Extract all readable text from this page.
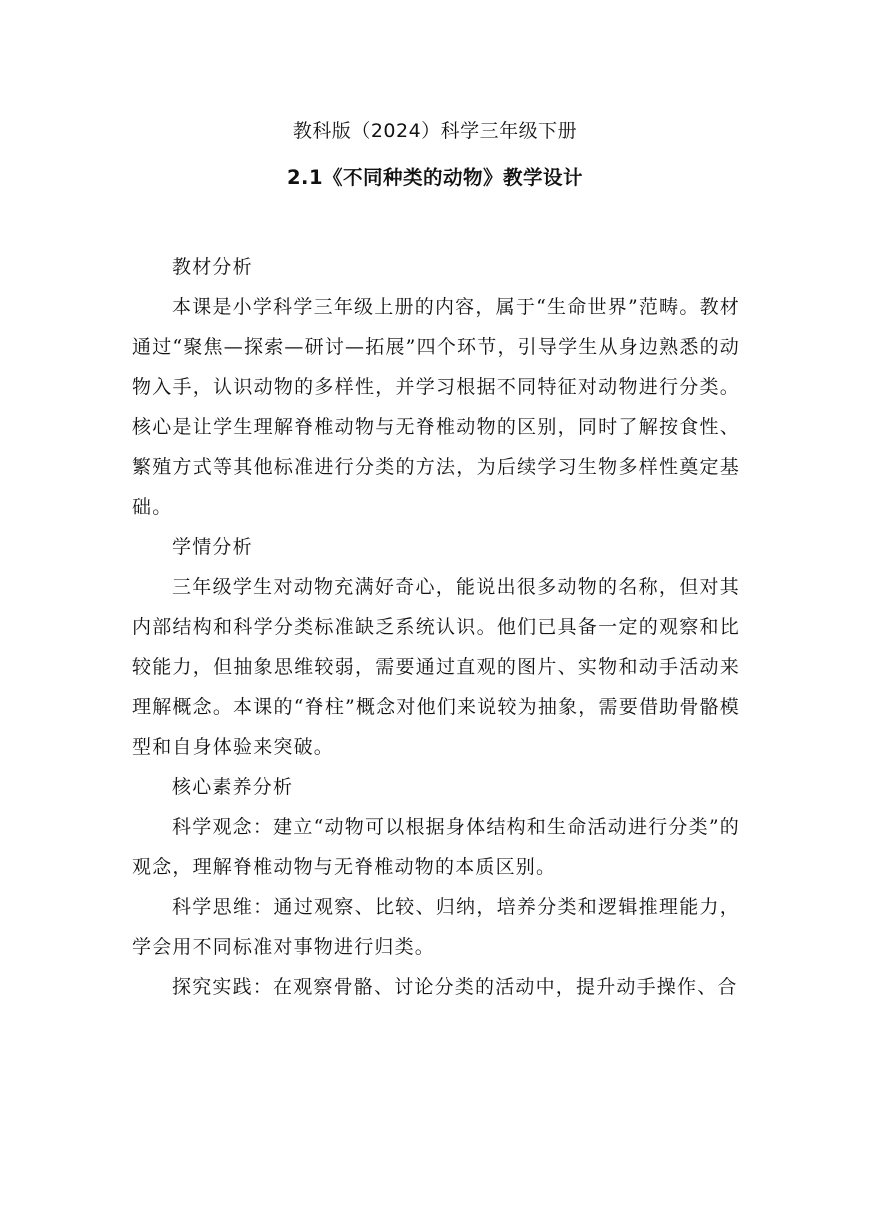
教科版（2024）科学三年级下册
2.1《不同种类的动物》教学设计

教材分析

本课是小学科学三年级上册的内容，属于“生命世界”范畴。教材通过“聚焦—探索—研讨—拓展”四个环节，引导学生从身边熟悉的动物入手，认识动物的多样性，并学习根据不同特征对动物进行分类。核心是让学生理解脊椎动物与无脊椎动物的区别，同时了解按食性、繁殖方式等其他标准进行分类的方法，为后续学习生物多样性奠定基础。

学情分析

三年级学生对动物充满好奇心，能说出很多动物的名称，但对其内部结构和科学分类标准缺乏系统认识。他们已具备一定的观察和比较能力，但抽象思维较弱，需要通过直观的图片、实物和动手活动来理解概念。本课的“脊柱”概念对他们来说较为抽象，需要借助骨骼模型和自身体验来突破。

核心素养分析

科学观念：建立“动物可以根据身体结构和生命活动进行分类”的观念，理解脊椎动物与无脊椎动物的本质区别。

科学思维：通过观察、比较、归纳，培养分类和逻辑推理能力，学会用不同标准对事物进行归类。

探究实践：在观察骨骼、讨论分类的活动中，提升动手操作、合
